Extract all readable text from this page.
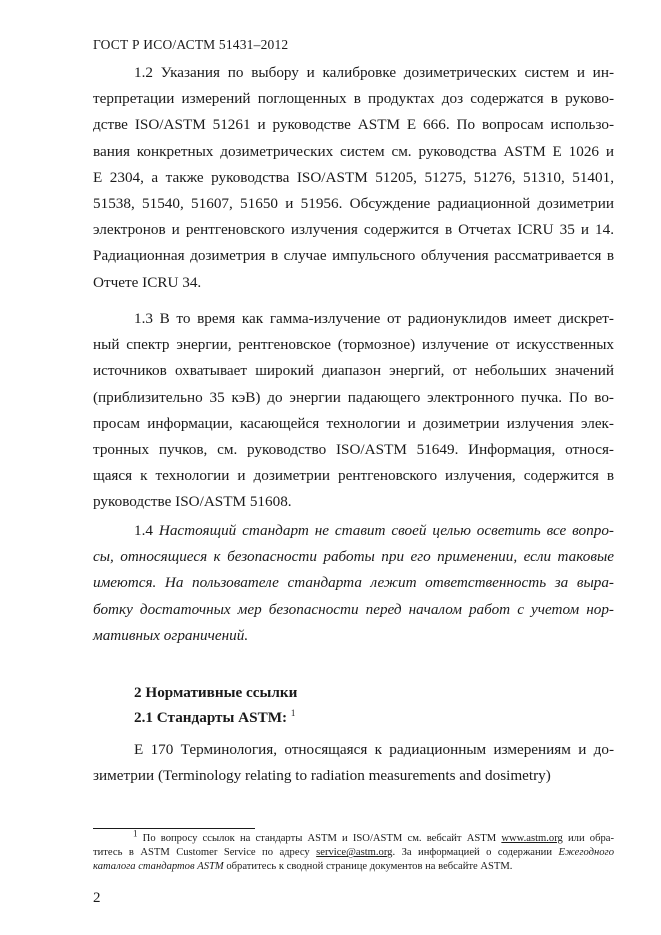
ГОСТ Р ИСО/АСТМ 51431–2012
1.2 Указания по выбору и калибровке дозиметрических систем и ин-
терпретации измерений поглощенных в продуктах доз содержатся в руково-
дстве ISO/ASTM 51261 и руководстве ASTM E 666. По вопросам использо-
вания конкретных дозиметрических систем см. руководства ASTM E 1026 и
E 2304, а также руководства ISO/ASTM 51205, 51275, 51276, 51310, 51401,
51538, 51540, 51607, 51650 и 51956. Обсуждение радиационной дозиметрии
электронов и рентгеновского излучения содержится в Отчетах ICRU 35 и 14.
Радиационная дозиметрия в случае импульсного облучения рассматривается в
Отчете ICRU 34.
1.3 В то время как гамма-излучение от радионуклидов имеет дискрет-
ный спектр энергии, рентгеновское (тормозное) излучение от искусственных
источников охватывает широкий диапазон энергий, от небольших значений
(приблизительно 35 кэВ) до энергии падающего электронного пучка. По во-
просам информации, касающейся технологии и дозиметрии излучения элек-
тронных пучков, см. руководство ISO/ASTM 51649. Информация, относя-
щаяся к технологии и дозиметрии рентгеновского излучения, содержится в
руководстве ISO/ASTM 51608.
1.4 Настоящий стандарт не ставит своей целью осветить все вопро-
сы, относящиеся к безопасности работы при его применении, если таковые
имеются. На пользователе стандарта лежит ответственность за выра-
ботку достаточных мер безопасности перед началом работ с учетом нор-
мативных ограничений.
2 Нормативные ссылки
2.1 Стандарты ASTM: $^1$
E 170 Терминология, относящаяся к радиационным измерениям и до-
зиметрии (Terminology relating to radiation measurements and dosimetry)
$^1$ По вопросу ссылок на стандарты ASTM и ISO/ASTM см. вебсайт ASTM www.astm.org или обра-
титесь в ASTM Customer Service по адресу service@astm.org. За информацией о содержании Ежегодного
каталога стандартов ASTM обратитесь к сводной странице документов на вебсайте ASTM.
2
